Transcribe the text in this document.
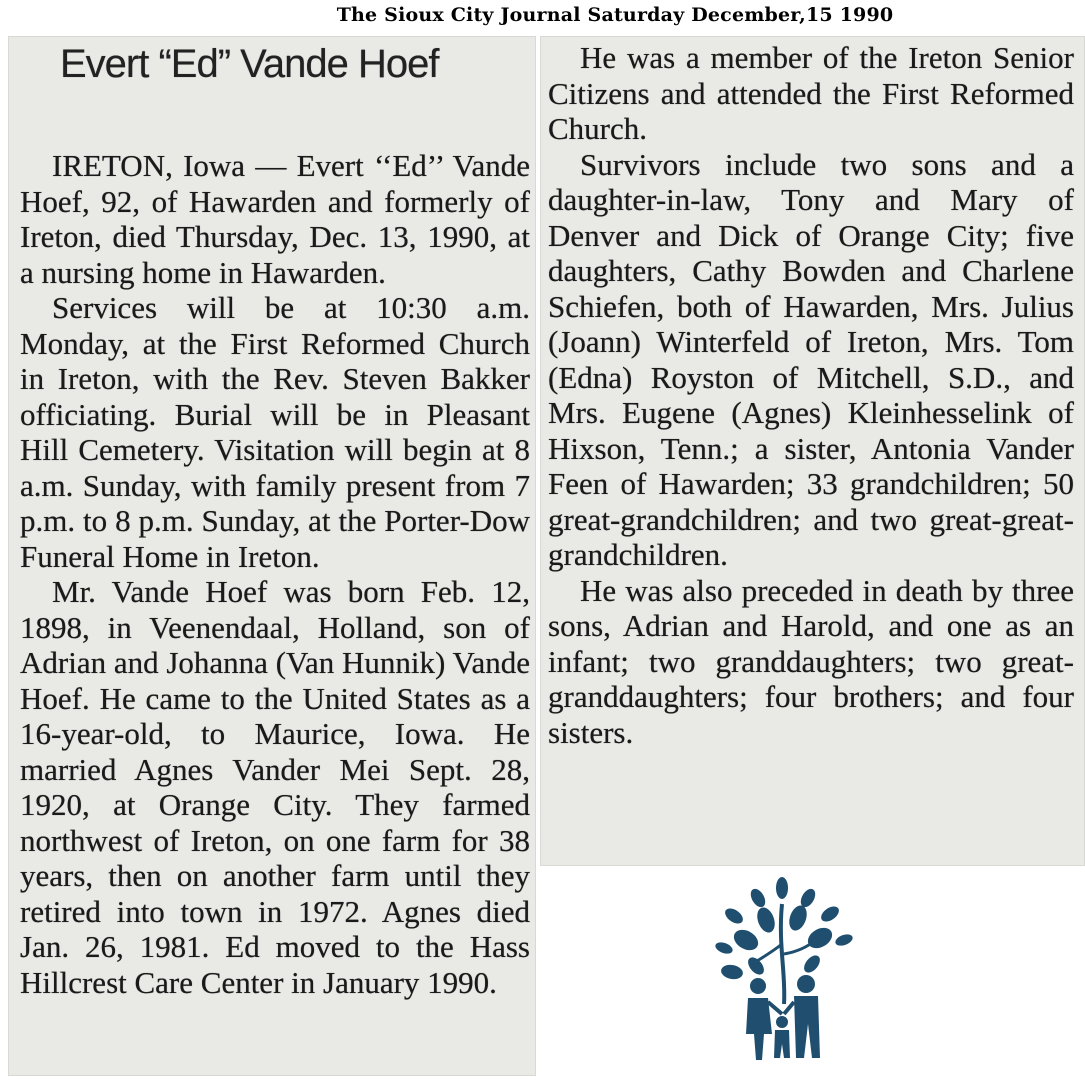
The Sioux City Journal Saturday December,15 1990
Evert “Ed” Vande Hoef

IRETON, Iowa — Evert ‘‘Ed’’ Vande Hoef, 92, of Hawarden and formerly of Ireton, died Thursday, Dec. 13, 1990, at a nursing home in Hawarden.

Services will be at 10:30 a.m. Monday, at the First Reformed Church in Ireton, with the Rev. Steven Bakker officiating. Burial will be in Pleasant Hill Cemetery. Visitation will begin at 8 a.m. Sunday, with family present from 7 p.m. to 8 p.m. Sunday, at the Porter-Dow Funeral Home in Ireton.

Mr. Vande Hoef was born Feb. 12, 1898, in Veenendaal, Holland, son of Adrian and Johanna (Van Hunnik) Vande Hoef. He came to the United States as a 16-year-old, to Maurice, Iowa. He married Agnes Vander Mei Sept. 28, 1920, at Orange City. They farmed northwest of Ireton, on one farm for 38 years, then on another farm until they retired into town in 1972. Agnes died Jan. 26, 1981. Ed moved to the Hass Hillcrest Care Center in January 1990.

He was a member of the Ireton Senior Citizens and attended the First Reformed Church.

Survivors include two sons and a daughter-in-law, Tony and Mary of Denver and Dick of Orange City; five daughters, Cathy Bowden and Charlene Schiefen, both of Hawarden, Mrs. Julius (Joann) Winterfeld of Ireton, Mrs. Tom (Edna) Royston of Mitchell, S.D., and Mrs. Eugene (Agnes) Kleinhesselink of Hixson, Tenn.; a sister, Antonia Vander Feen of Hawarden; 33 grandchildren; 50 great-grandchildren; and two great-great-grandchildren.

He was also preceded in death by three sons, Adrian and Harold, and one as an infant; two granddaughters; two great-granddaughters; four brothers; and four sisters.
